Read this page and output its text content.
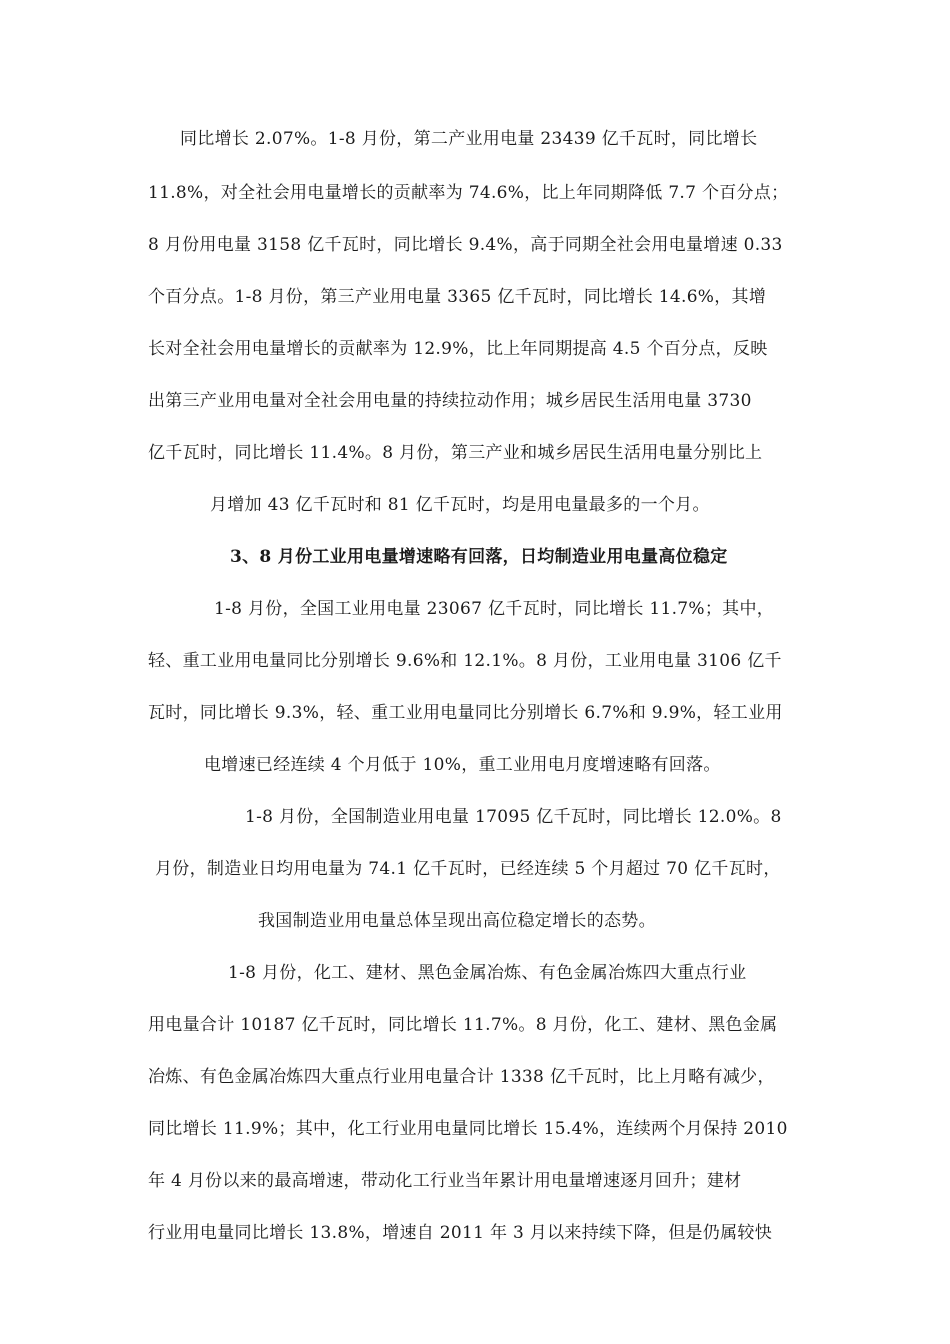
同比增长 2.07%。1-8 月份，第二产业用电量 23439 亿千瓦时，同比增长
11.8%，对全社会用电量增长的贡献率为 74.6%，比上年同期降低 7.7 个百分点；
8 月份用电量 3158 亿千瓦时，同比增长 9.4%，高于同期全社会用电量增速 0.33
个百分点。1-8 月份，第三产业用电量 3365 亿千瓦时，同比增长 14.6%，其增
长对全社会用电量增长的贡献率为 12.9%，比上年同期提高 4.5 个百分点，反映
出第三产业用电量对全社会用电量的持续拉动作用；城乡居民生活用电量 3730
亿千瓦时，同比增长 11.4%。8 月份，第三产业和城乡居民生活用电量分别比上
月增加 43 亿千瓦时和 81 亿千瓦时，均是用电量最多的一个月。
3、8 月份工业用电量增速略有回落，日均制造业用电量高位稳定
1-8 月份，全国工业用电量 23067 亿千瓦时，同比增长 11.7%；其中，
轻、重工业用电量同比分别增长 9.6%和 12.1%。8 月份，工业用电量 3106 亿千
瓦时，同比增长 9.3%，轻、重工业用电量同比分别增长 6.7%和 9.9%，轻工业用
电增速已经连续 4 个月低于 10%，重工业用电月度增速略有回落。
1-8 月份，全国制造业用电量 17095 亿千瓦时，同比增长 12.0%。8
月份，制造业日均用电量为 74.1 亿千瓦时，已经连续 5 个月超过 70 亿千瓦时，
我国制造业用电量总体呈现出高位稳定增长的态势。
1-8 月份，化工、建材、黑色金属冶炼、有色金属冶炼四大重点行业
用电量合计 10187 亿千瓦时，同比增长 11.7%。8 月份，化工、建材、黑色金属
冶炼、有色金属冶炼四大重点行业用电量合计 1338 亿千瓦时，比上月略有减少，
同比增长 11.9%；其中，化工行业用电量同比增长 15.4%，连续两个月保持 2010
年 4 月份以来的最高增速，带动化工行业当年累计用电量增速逐月回升；建材
行业用电量同比增长 13.8%，增速自 2011 年 3 月以来持续下降，但是仍属较快
